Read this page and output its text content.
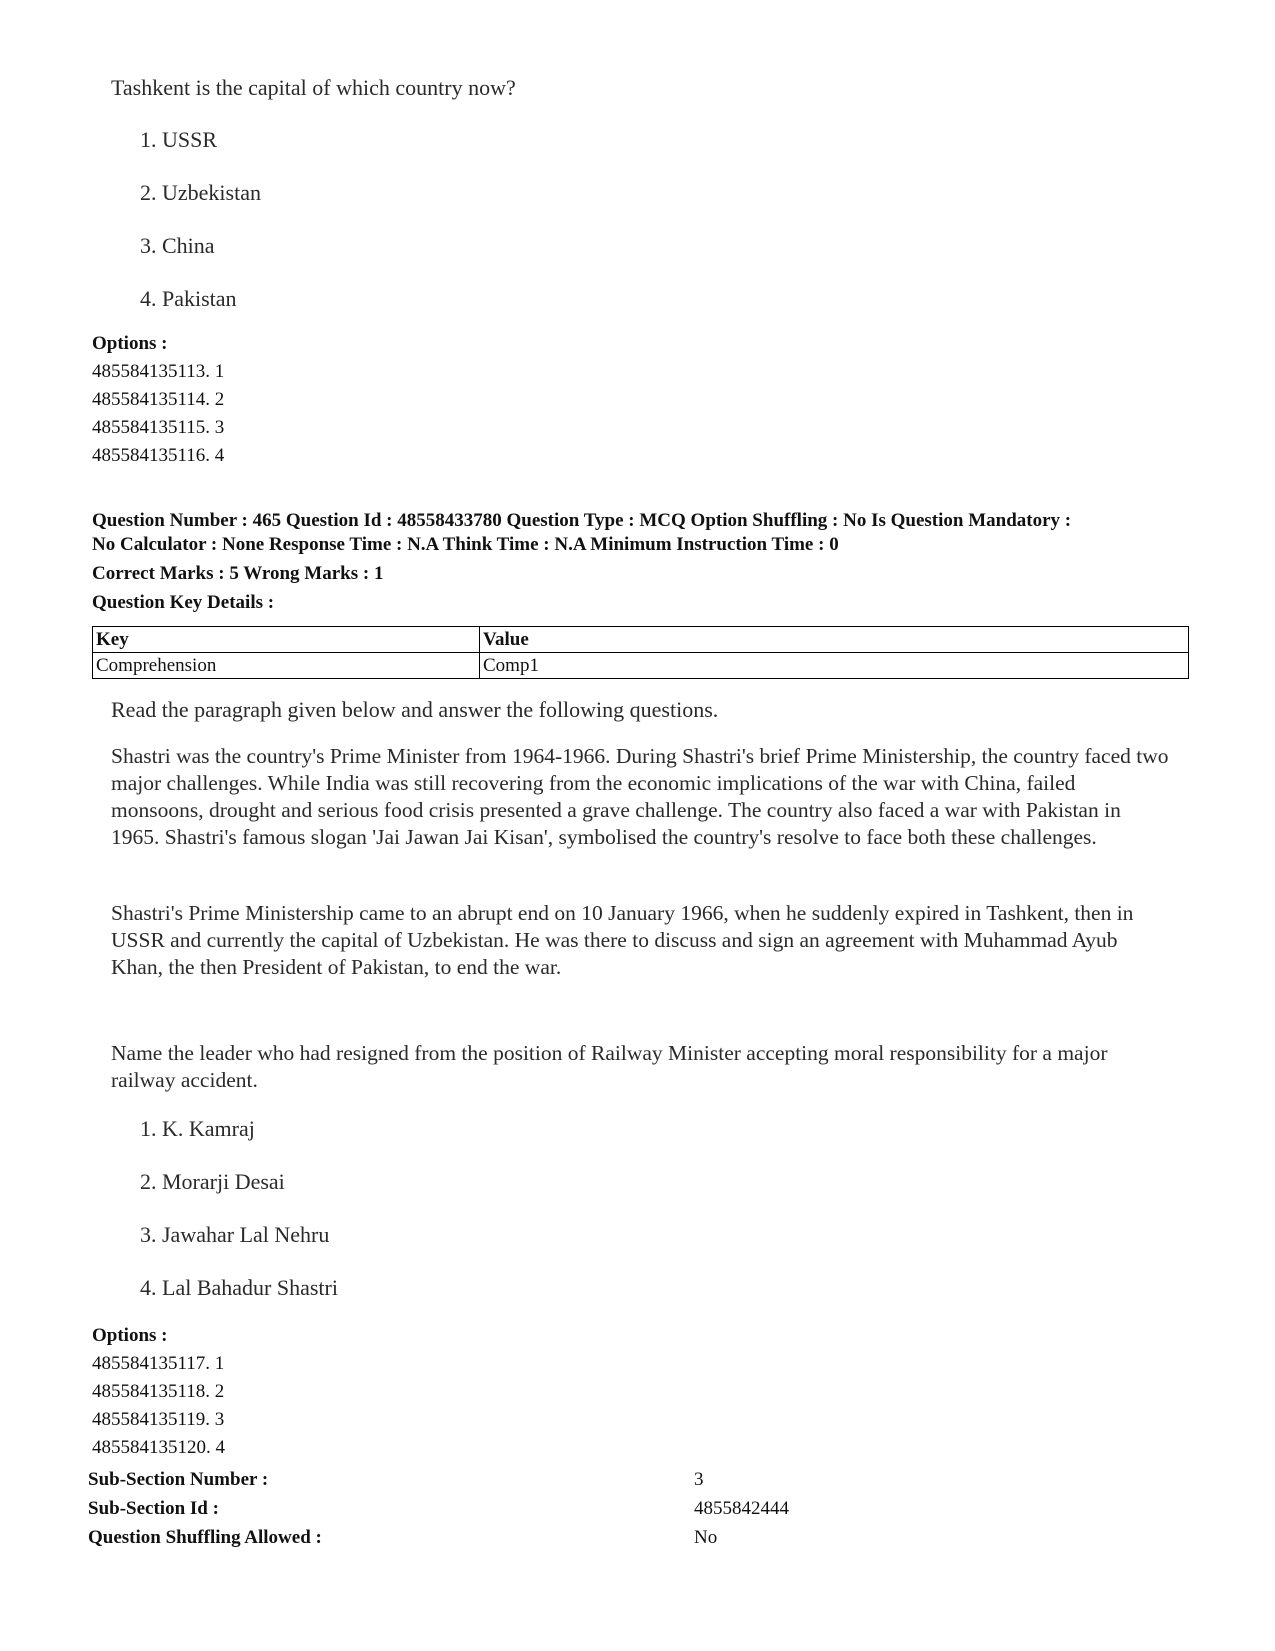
Tashkent is the capital of which country now?
1. USSR
2. Uzbekistan
3. China
4. Pakistan
Options :
485584135113. 1
485584135114. 2
485584135115. 3
485584135116. 4
Question Number : 465 Question Id : 48558433780 Question Type : MCQ Option Shuffling : No Is Question Mandatory :
No Calculator : None Response Time : N.A Think Time : N.A Minimum Instruction Time : 0
Correct Marks : 5 Wrong Marks : 1
Question Key Details :
Key	Value
Comprehension	Comp1
Read the paragraph given below and answer the following questions.
Shastri was the country's Prime Minister from 1964-1966. During Shastri's brief Prime Ministership, the country faced two major challenges. While India was still recovering from the economic implications of the war with China, failed monsoons, drought and serious food crisis presented a grave challenge. The country also faced a war with Pakistan in 1965. Shastri's famous slogan 'Jai Jawan Jai Kisan', symbolised the country's resolve to face both these challenges.
Shastri's Prime Ministership came to an abrupt end on 10 January 1966, when he suddenly expired in Tashkent, then in USSR and currently the capital of Uzbekistan. He was there to discuss and sign an agreement with Muhammad Ayub Khan, the then President of Pakistan, to end the war.
Name the leader who had resigned from the position of Railway Minister accepting moral responsibility for a major railway accident.
1. K. Kamraj
2. Morarji Desai
3. Jawahar Lal Nehru
4. Lal Bahadur Shastri
Options :
485584135117. 1
485584135118. 2
485584135119. 3
485584135120. 4
Sub-Section Number :	3
Sub-Section Id :	4855842444
Question Shuffling Allowed :	No
